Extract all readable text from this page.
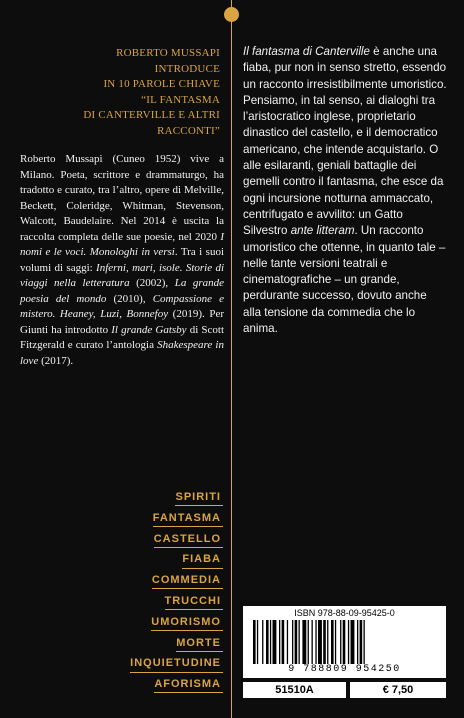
ROBERTO MUSSAPI
INTRODUCE
IN 10 PAROLE CHIAVE
“IL FANTASMA
DI CANTERVILLE E ALTRI
RACCONTI”
Roberto Mussapi (Cuneo 1952) vive a Milano. Poeta, scrittore e drammaturgo, ha tradotto e curato, tra l’altro, opere di Melville, Beckett, Coleridge, Whitman, Stevenson, Walcott, Baudelaire. Nel 2014 è uscita la raccolta completa delle sue poesie, nel 2020 I nomi e le voci. Monologhi in versi. Tra i suoi volumi di saggi: Inferni, mari, isole. Storie di viaggi nella letteratura (2002), La grande poesia del mondo (2010), Compassione e mistero. Heaney, Luzi, Bonnefoy (2019). Per Giunti ha introdotto Il grande Gatsby di Scott Fitzgerald e curato l’antologia Shakespeare in love (2017).
SPIRITI
FANTASMA
CASTELLO
FIABA
COMMEDIA
TRUCCHI
UMORISMO
MORTE
INQUIETUDINE
AFORISMA
Il fantasma di Canterville è anche una fiaba, pur non in senso stretto, essendo un racconto irresistibilmente umoristico. Pensiamo, in tal senso, ai dialoghi tra l’aristocratico inglese, proprietario dinastico del castello, e il democratico americano, che intende acquistarlo. O alle esilaranti, geniali battaglie dei gemelli contro il fantasma, che esce da ogni incursione notturna ammaccato, centrifugato e avvilito: un Gatto Silvestro ante litteram. Un racconto umoristico che ottenne, in quanto tale – nelle tante versioni teatrali e cinematografiche – un grande, perdurante successo, dovuto anche alla tensione da commedia che lo anima.
ISBN 978-88-09-95425-0
9 788809 954250
51510A	€ 7,50
